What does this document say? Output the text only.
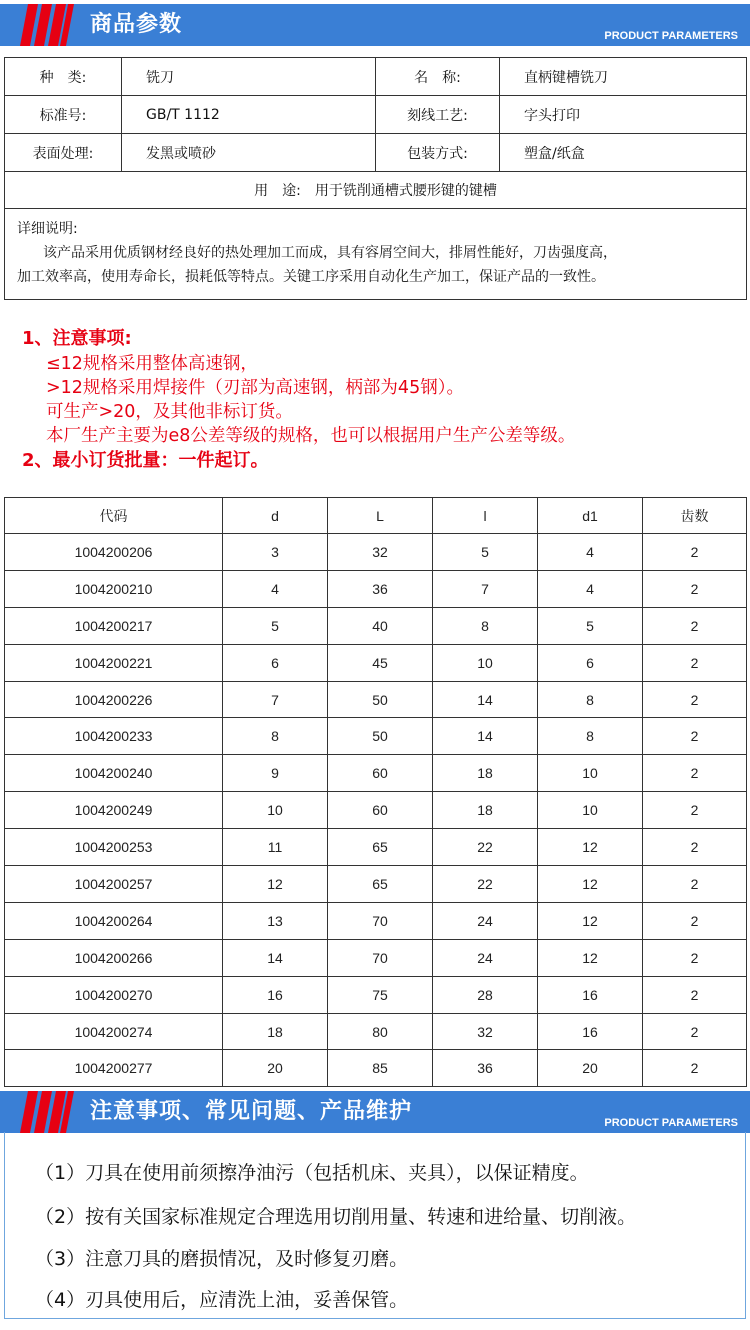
商品参数	PRODUCT PARAMETERS
种　类:	铣刀	名　称:	直柄键槽铣刀
标准号:	GB/T 1112	刻线工艺:	字头打印
表面处理:	发黑或喷砂	包装方式:	塑盒/纸盒
用　途:　用于铣削通槽式腰形键的键槽			

详细说明:
该产品采用优质钢材经良好的热处理加工而成，具有容屑空间大，排屑性能好，刀齿强度高，
加工效率高，使用寿命长，损耗低等特点。关键工序采用自动化生产加工，保证产品的一致性。			
1、注意事项:
≤12规格采用整体高速钢，
>12规格采用焊接件（刃部为高速钢，柄部为45钢）。
可生产>20，及其他非标订货。
本厂生产主要为e8公差等级的规格，也可以根据用户生产公差等级。
2、最小订货批量：一件起订。
代码	d	L	l	d1	齿数
1004200206	3	32	5	4	2
1004200210	4	36	7	4	2
1004200217	5	40	8	5	2
1004200221	6	45	10	6	2
1004200226	7	50	14	8	2
1004200233	8	50	14	8	2
1004200240	9	60	18	10	2
1004200249	10	60	18	10	2
1004200253	11	65	22	12	2
1004200257	12	65	22	12	2
1004200264	13	70	24	12	2
1004200266	14	70	24	12	2
1004200270	16	75	28	16	2
1004200274	18	80	32	16	2
1004200277	20	85	36	20	2
注意事项、常见问题、产品维护	PRODUCT PARAMETERS
（1）刀具在使用前须擦净油污（包括机床、夹具），以保证精度。
（2）按有关国家标准规定合理选用切削用量、转速和进给量、切削液。
（3）注意刀具的磨损情况，及时修复刃磨。
（4）刃具使用后，应清洗上油，妥善保管。
